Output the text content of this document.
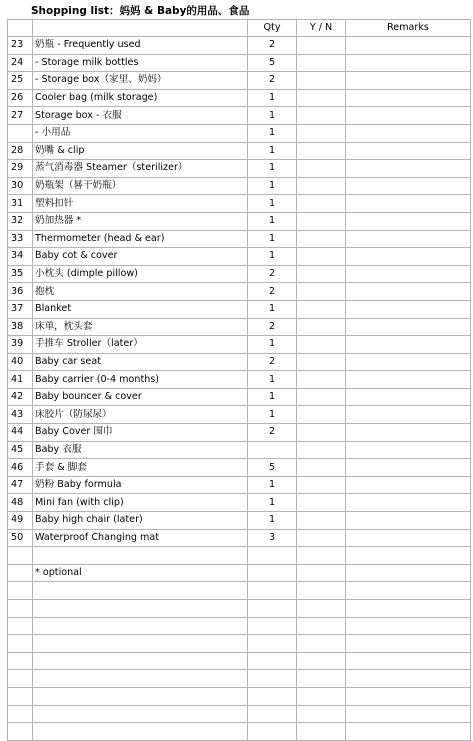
Shopping list：妈妈 & Baby的用品、食品
		Qty	Y / N	Remarks
23	奶瓶 - Frequently used	2		
24	- Storage milk bottles	5		
25	- Storage box（家里、奶妈）	2		
26	Cooler bag (milk storage)	1		
27	Storage box - 衣服	1		
	- 小用品	1		
28	奶嘴 & clip	1		
29	蒸气消毒器 Steamer（sterilizer）	1		
30	奶瓶架（晷干奶瓶）	1		
31	塑料扣针	1		
32	奶加热器 *	1		
33	Thermometer (head & ear)	1		
34	Baby cot & cover	1		
35	小枕头 (dimple pillow)	2		
36	抱枕	2		
37	Blanket	1		
38	床单，枕头套	2		
39	手推车 Stroller（later）	1		
40	Baby car seat	2		
41	Baby carrier (0-4 months)	1		
42	Baby bouncer & cover	1		
43	床胶片（防尿尿）	1		
44	Baby Cover 围巾	2		
45	Baby 衣服			
46	手套 & 脚套	5		
47	奶粉 Baby formula	1		
48	Mini fan (with clip)	1		
49	Baby high chair (later)	1		
50	Waterproof Changing mat	3		

	* optional			
